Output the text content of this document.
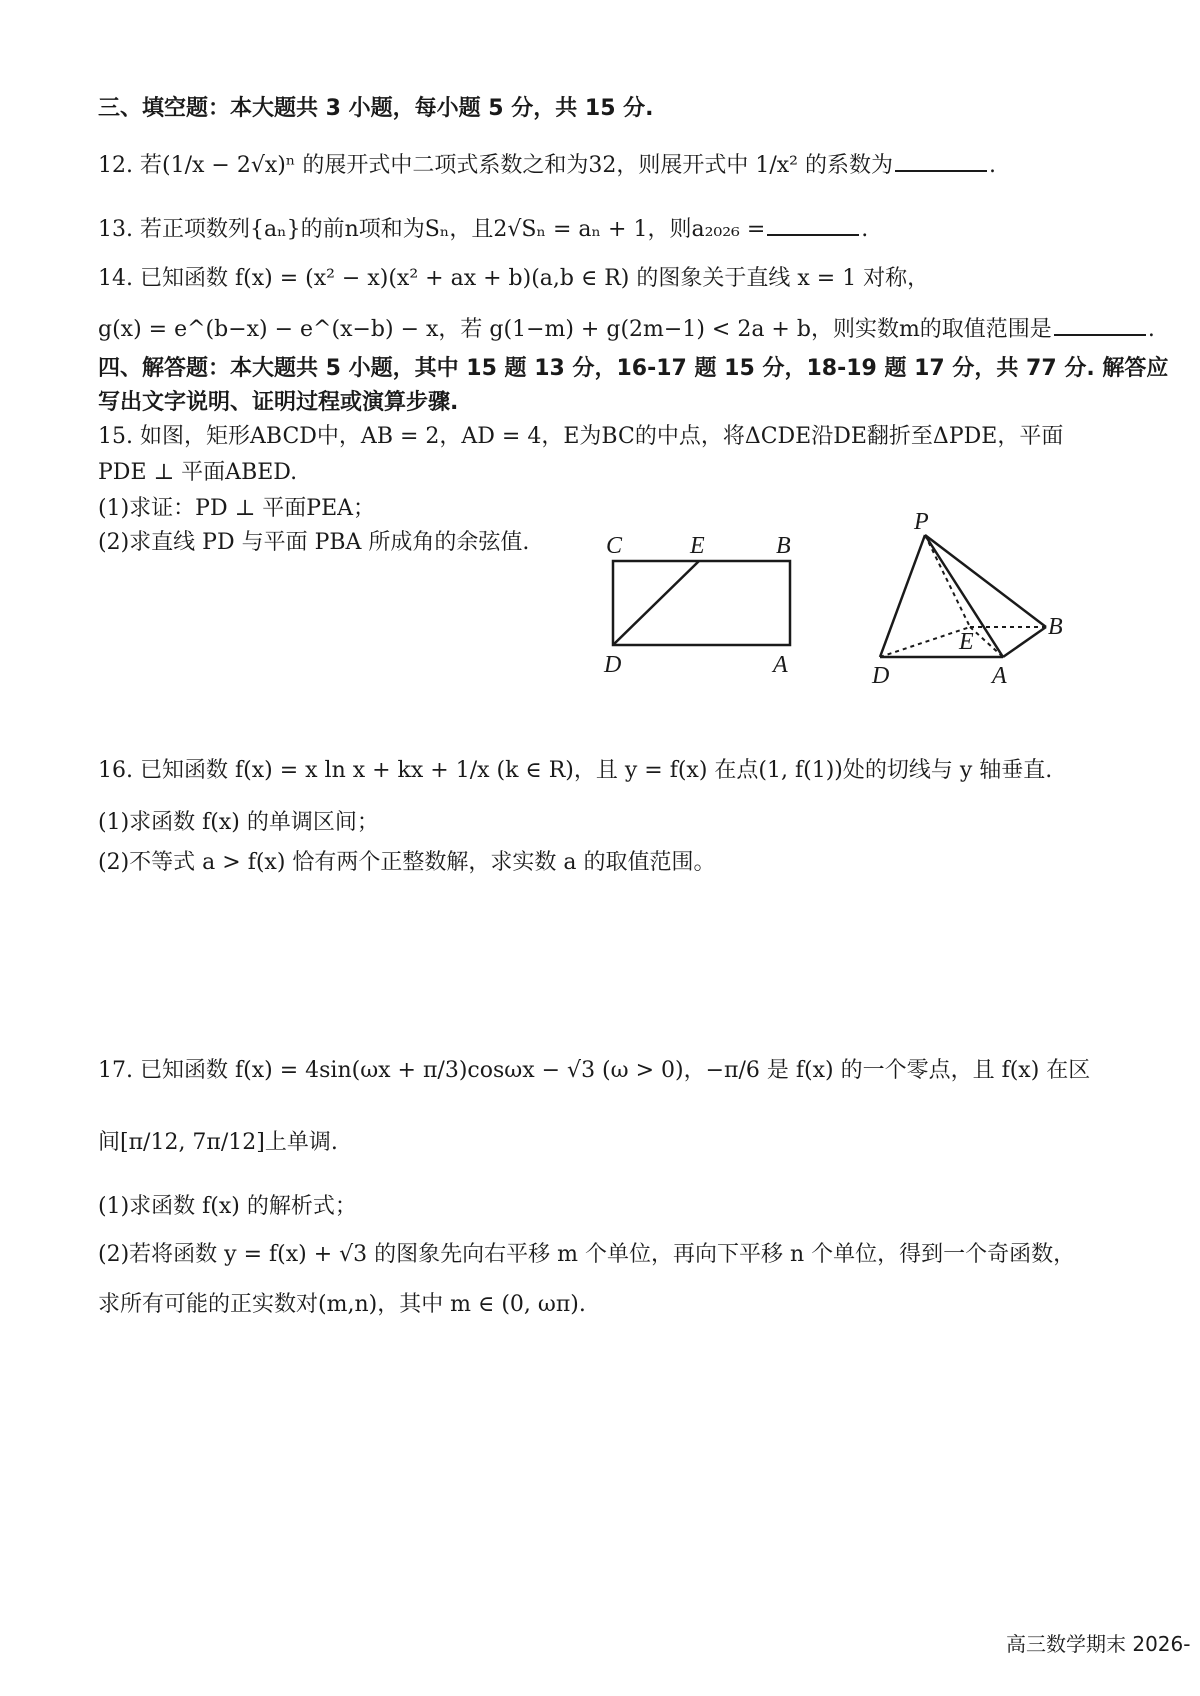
三、填空题：本大题共 3 小题，每小题 5 分，共 15 分.
12. 若(1/x − 2√x)ⁿ 的展开式中二项式系数之和为32，则展开式中 1/x² 的系数为	.
13. 若正项数列{aₙ}的前n项和为Sₙ，且2√Sₙ = aₙ + 1，则a₂₀₂₆ =	.
14. 已知函数 f(x) = (x² − x)(x² + ax + b)(a,b ∈ R) 的图象关于直线 x = 1 对称，
g(x) = e^(b−x) − e^(x−b) − x，若 g(1−m) + g(2m−1) < 2a + b，则实数m的取值范围是	.
四、解答题：本大题共 5 小题，其中 15 题 13 分，16-17 题 15 分，18-19 题 17 分，共 77 分. 解答应
写出文字说明、证明过程或演算步骤.
15. 如图，矩形ABCD中，AB = 2，AD = 4，E为BC的中点，将ΔCDE沿DE翻折至ΔPDE，平面
PDE ⊥ 平面ABED.
(1)求证：PD ⊥ 平面PEA；
(2)求直线 PD 与平面 PBA 所成角的余弦值.	C	E	B
D	A
P
B
E
D	A
16. 已知函数 f(x) = x ln x + kx + 1/x (k ∈ R)，且 y = f(x) 在点(1, f(1))处的切线与 y 轴垂直.
(1)求函数 f(x) 的单调区间；
(2)不等式 a > f(x) 恰有两个正整数解，求实数 a 的取值范围。
17. 已知函数 f(x) = 4sin(ωx + π/3)cosωx − √3 (ω > 0)，−π/6 是 f(x) 的一个零点，且 f(x) 在区
间[π/12, 7π/12]上单调.
(1)求函数 f(x) 的解析式；
(2)若将函数 y = f(x) + √3 的图象先向右平移 m 个单位，再向下平移 n 个单位，得到一个奇函数，
求所有可能的正实数对(m,n)，其中 m ∈ (0, ωπ).
高三数学期末 2026-
